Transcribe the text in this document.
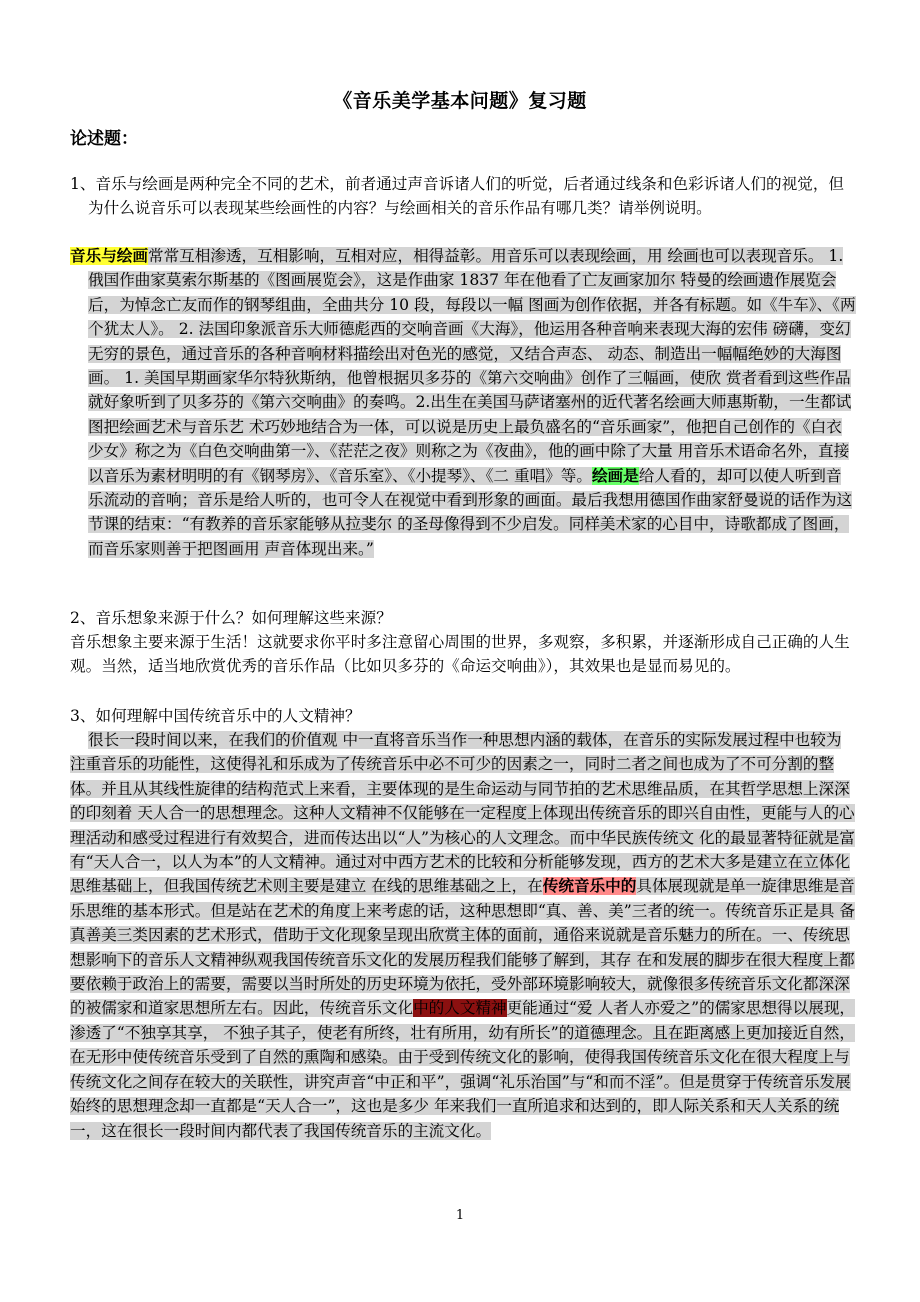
《音乐美学基本问题》复习题
论述题：

1、音乐与绘画是两种完全不同的艺术，前者通过声音诉诸人们的听觉，后者通过线条和色彩诉诸人们的视觉，但为什么说音乐可以表现某些绘画性的内容？与绘画相关的音乐作品有哪几类？请举例说明。

音乐与绘画常常互相渗透，互相影响，互相对应，相得益彰。用音乐可以表现绘画，用 绘画也可以表现音乐。 1. 俄国作曲家莫索尔斯基的《图画展览会》，这是作曲家 1837 年在他看了亡友画家加尔 特曼的绘画遗作展览会后，为悼念亡友而作的钢琴组曲，全曲共分 10 段，每段以一幅 图画为创作依据，并各有标题。如《牛车》、《两个犹太人》。 2. 法国印象派音乐大师德彪西的交响音画《大海》，他运用各种音响来表现大海的宏伟 磅礴，变幻无穷的景色，通过音乐的各种音响材料描绘出对色光的感觉，又结合声态、 动态、制造出一幅幅绝妙的大海图画。 1. 美国早期画家华尔特狄斯纳，他曾根据贝多芬的《第六交响曲》创作了三幅画，使欣 赏者看到这些作品就好象听到了贝多芬的《第六交响曲》的奏鸣。2.出生在美国马萨诸塞州的近代著名绘画大师惠斯勒，一生都试图把绘画艺术与音乐艺 术巧妙地结合为一体，可以说是历史上最负盛名的“音乐画家”，他把自己创作的《白衣 少女》称之为《白色交响曲第一》、《茫茫之夜》则称之为《夜曲》，他的画中除了大量 用音乐术语命名外，直接以音乐为素材明明的有《钢琴房》、《音乐室》、《小提琴》、《二 重唱》等。绘画是给人看的，却可以使人听到音乐流动的音响；音乐是给人听的，也可令人在视觉中看到形象的画面。最后我想用德国作曲家舒曼说的话作为这节课的结束：“有教养的音乐家能够从拉斐尔 的圣母像得到不少启发。同样美术家的心目中，诗歌都成了图画，而音乐家则善于把图画用 声音体现出来。”

2、音乐想象来源于什么？如何理解这些来源？
音乐想象主要来源于生活！这就要求你平时多注意留心周围的世界，多观察，多积累，并逐渐形成自己正确的人生观。当然，适当地欣赏优秀的音乐作品（比如贝多芬的《命运交响曲》），其效果也是显而易见的。
3、如何理解中国传统音乐中的人文精神？

很长一段时间以来，在我们的价值观 中一直将音乐当作一种思想内涵的载体，在音乐的实际发展过程中也较为注重音乐的功能性，这使得礼和乐成为了传统音乐中必不可少的因素之一，同时二者之间也成为了不可分割的整体。并且从其线性旋律的结构范式上来看，主要体现的是生命运动与同节拍的艺术思维品质，在其哲学思想上深深的印刻着 天人合一的思想理念。这种人文精神不仅能够在一定程度上体现出传统音乐的即兴自由性，更能与人的心理活动和感受过程进行有效契合，进而传达出以“人”为核心的人文理念。而中华民族传统文 化的最显著特征就是富有“天人合一，以人为本”的人文精神。通过对中西方艺术的比较和分析能够发现，西方的艺术大多是建立在立体化思维基础上，但我国传统艺术则主要是建立 在线的思维基础之上，在传统音乐中的具体展现就是单一旋律思维是音乐思维的基本形式。但是站在艺术的角度上来考虑的话，这种思想即“真、善、美”三者的统一。传统音乐正是具 备真善美三类因素的艺术形式，借助于文化现象呈现出欣赏主体的面前，通俗来说就是音乐魅力的所在。一、传统思想影响下的音乐人文精神纵观我国传统音乐文化的发展历程我们能够了解到，其存 在和发展的脚步在很大程度上都要依赖于政治上的需要，需要以当时所处的历史环境为依托，受外部环境影响较大，就像很多传统音乐文化都深深的被儒家和道家思想所左右。因此，传统音乐文化中的人文精神更能通过“爱 人者人亦爱之”的儒家思想得以展现，渗透了“不独享其享， 不独子其子，使老有所终，壮有所用，幼有所长”的道德理念。且在距离感上更加接近自然，在无形中使传统音乐受到了自然的熏陶和感染。由于受到传统文化的影响，使得我国传统音乐文化在很大程度上与传统文化之间存在较大的关联性，讲究声音“中正和平”，强调“礼乐治国”与“和而不淫”。但是贯穿于传统音乐发展始终的思想理念却一直都是“天人合一”，这也是多少 年来我们一直所追求和达到的，即人际关系和天人关系的统 一，这在很长一段时间内都代表了我国传统音乐的主流文化。

1
